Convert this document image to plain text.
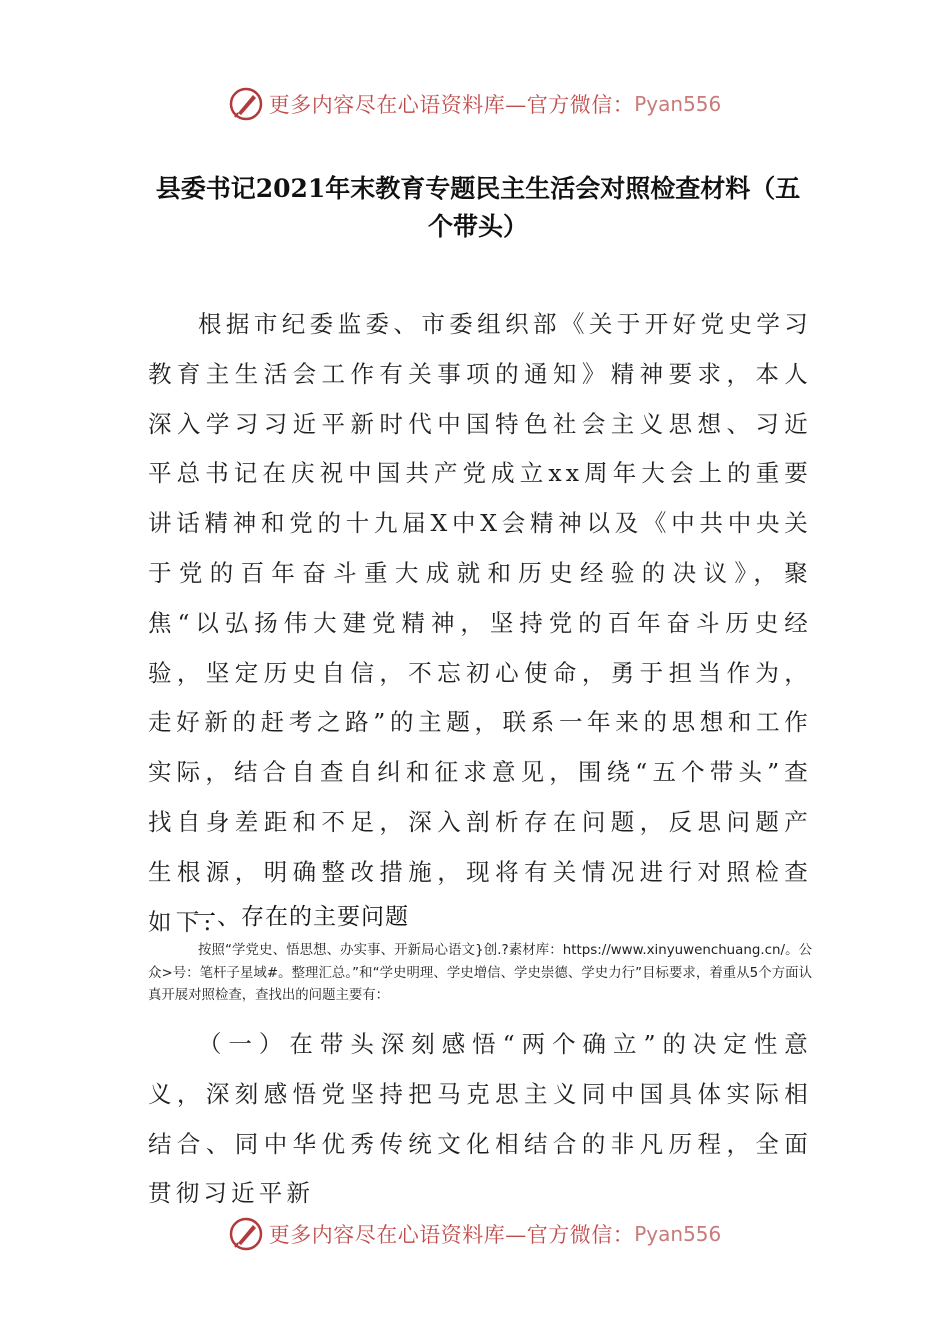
更多内容尽在心语资料库—官方微信： Pyan556
县委书记2021年末教育专题民主生活会对照检查材料（五个带头）

根据市纪委监委、市委组织部《关于开好党史学习教育主生活会工作有关事项的通知》精神要求，本人深入学习习近平新时代中国特色社会主义思想、习近平总书记在庆祝中国共产党成立xx周年大会上的重要讲话精神和党的十九届X中X会精神以及《中共中央关于党的百年奋斗重大成就和历史经验的决议》，聚焦“以弘扬伟大建党精神，坚持党的百年奋斗历史经验，坚定历史自信，不忘初心使命，勇于担当作为，走好新的赶考之路”的主题，联系一年来的思想和工作实际，结合自查自纠和征求意见，围绕“五个带头”查找自身差距和不足，深入剖析存在问题，反思问题产生根源，明确整改措施，现将有关情况进行对照检查如下:

一、存在的主要问题

按照“学党史、悟思想、办实事、开新局心语文}创.?素材库：https://www.xinyuwenchuang.cn/。公众>号：笔杆子星域#。整理汇总。”和“学史明理、学史增信、学史崇德、学史力行”目标要求，着重从5个方面认真开展对照检查，查找出的问题主要有：

（一）在带头深刻感悟“两个确立”的决定性意义，深刻感悟党坚持把马克思主义同中国具体实际相结合、同中华优秀传统文化相结合的非凡历程，全面贯彻习近平新

更多内容尽在心语资料库—官方微信： Pyan556
